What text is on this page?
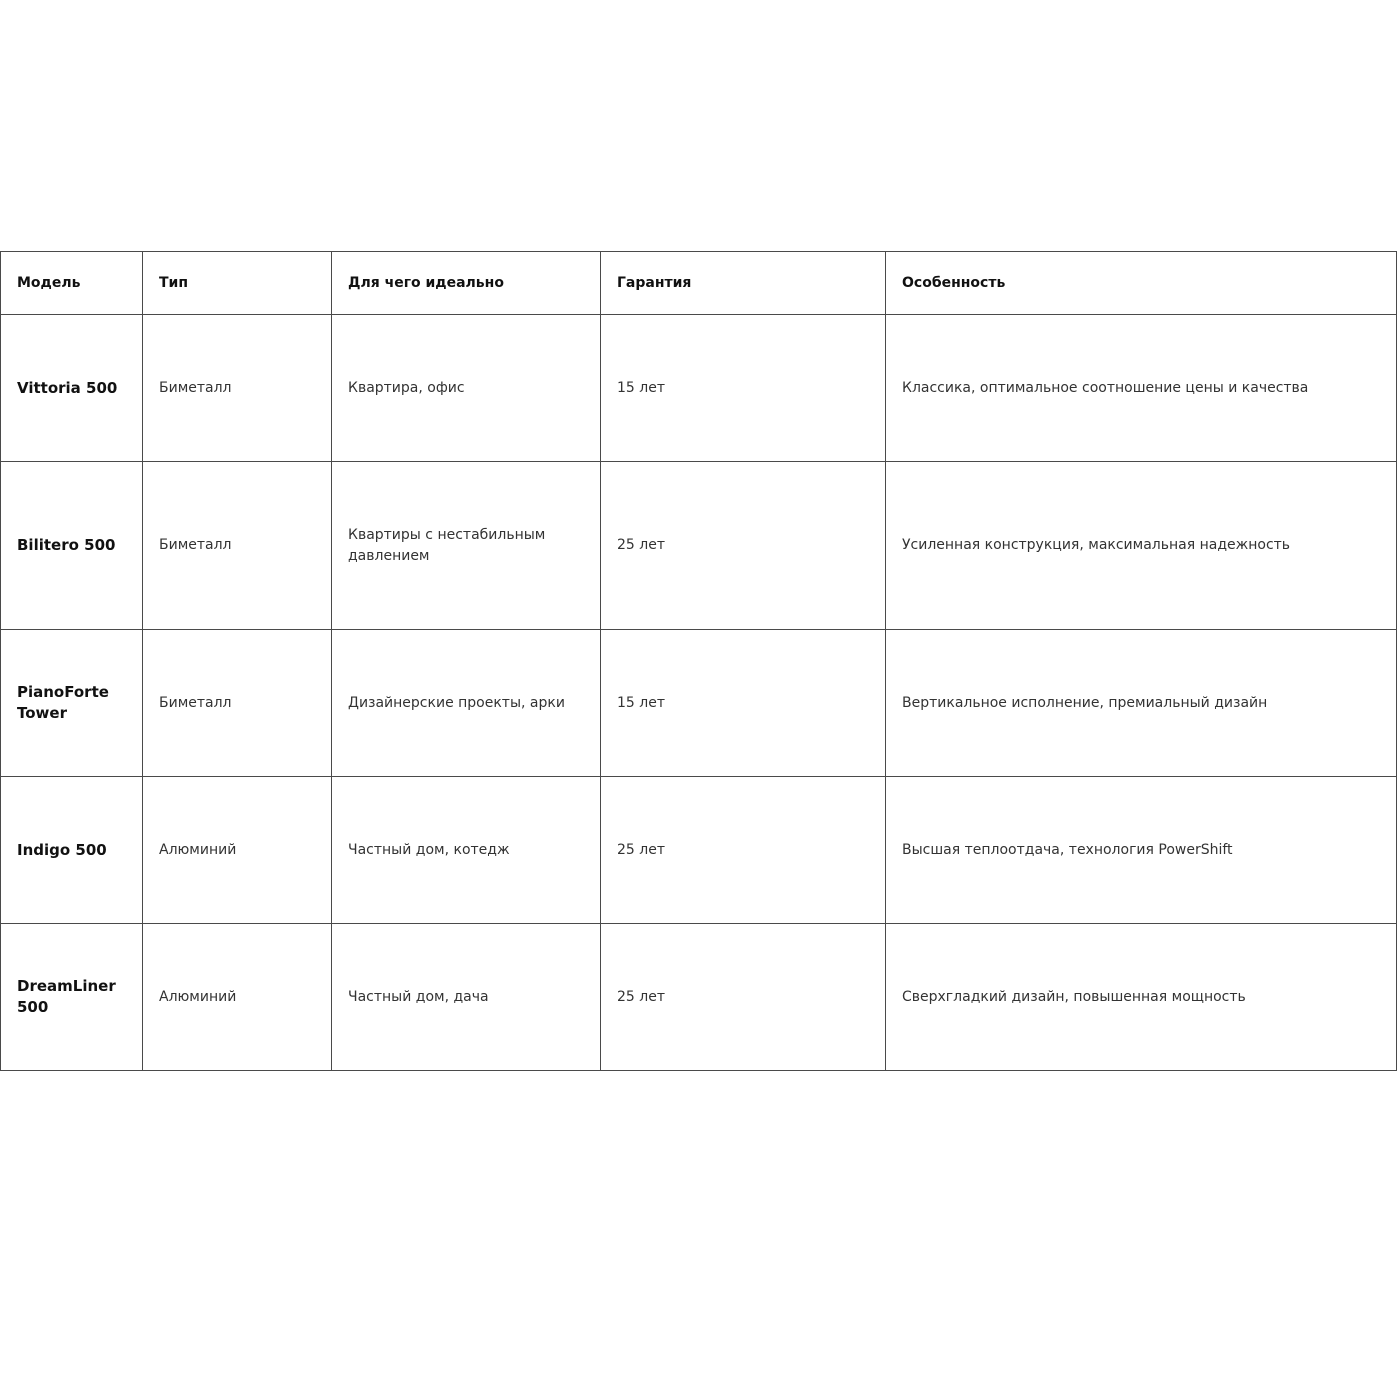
Модель	Тип	Для чего идеально	Гарантия	Особенность
Vittoria 500	Биметалл	Квартира, офис	15 лет	Классика, оптимальное соотношение цены и качества
Bilitero 500	Биметалл	Квартиры с нестабильным давлением	25 лет	Усиленная конструкция, максимальная надежность
PianoForte Tower	Биметалл	Дизайнерские проекты, арки	15 лет	Вертикальное исполнение, премиальный дизайн
Indigo 500	Алюминий	Частный дом, котедж	25 лет	Высшая теплоотдача, технология PowerShift
DreamLiner 500	Алюминий	Частный дом, дача	25 лет	Сверхгладкий дизайн, повышенная мощность
